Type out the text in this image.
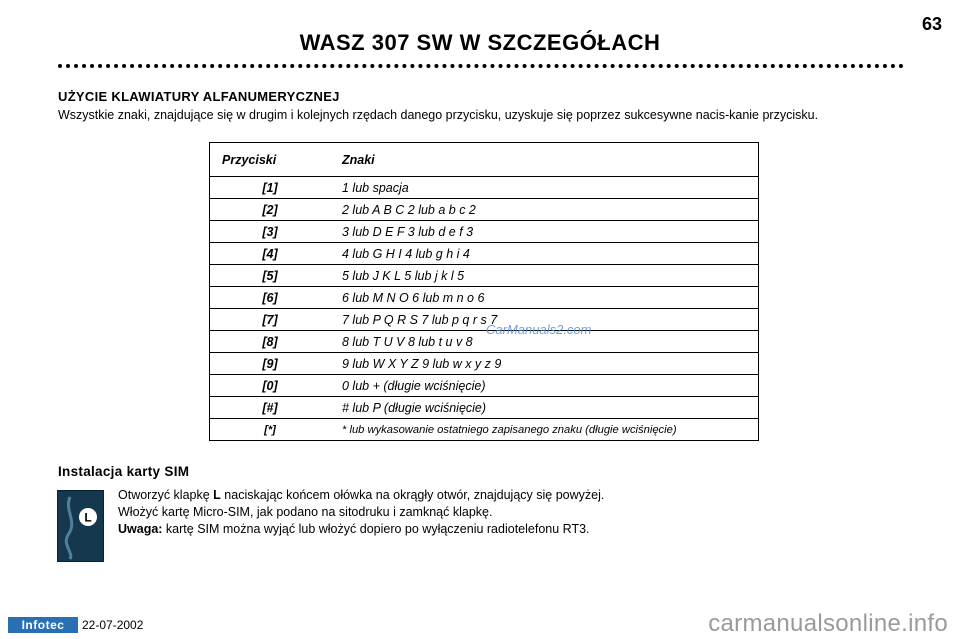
WASZ 307 SW W SZCZEGÓŁACH
63
UŻYCIE KLAWIATURY ALFANUMERYCZNEJ
Wszystkie znaki, znajdujące się w drugim i kolejnych rzędach danego przycisku, uzyskuje się poprzez sukcesywne nacis-kanie przycisku.
Przyciski	Znaki
[1]	1 lub spacja
[2]	2 lub A B C 2 lub a b c 2
[3]	3 lub D E F 3 lub d e f 3
[4]	4 lub G H I 4 lub g h i 4
[5]	5 lub J K L 5 lub j k l 5
[6]	6 lub M N O 6 lub m n o 6
[7]	7 lub P Q R S 7 lub p q r s 7
[8]	8 lub T U V 8 lub t u v 8
[9]	9 lub W X Y Z 9 lub w x y z 9
[0]	0 lub + (długie wciśnięcie)
[#]	# lub P (długie wciśnięcie)
[*]	* lub wykasowanie ostatniego zapisanego znaku (długie wciśnięcie)
CarManuals2.com
Instalacja karty SIM
L
Otworzyć klapkę L naciskając końcem ołówka na okrągły otwór, znajdujący się powyżej.
Włożyć kartę Micro-SIM, jak podano na sitodruku i zamknąć klapkę.
Uwaga: kartę SIM można wyjąć lub włożyć dopiero po wyłączeniu radiotelefonu RT3.
Infotec	22-07-2002	carmanualsonline.info
